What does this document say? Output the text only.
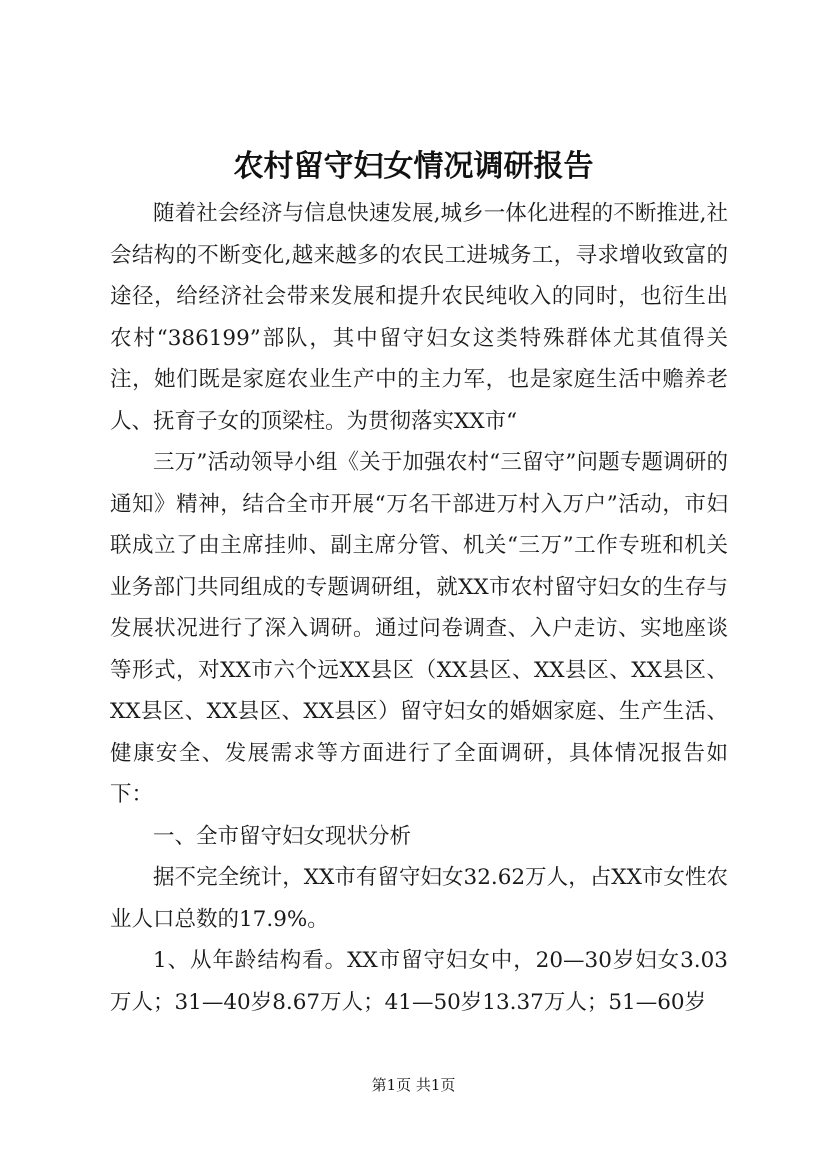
农村留守妇女情况调研报告

随着社会经济与信息快速发展,城乡一体化进程的不断推进,社会结构的不断变化,越来越多的农民工进城务工，寻求增收致富的途径，给经济社会带来发展和提升农民纯收入的同时，也衍生出农村“386199”部队，其中留守妇女这类特殊群体尤其值得关注，她们既是家庭农业生产中的主力军，也是家庭生活中赡养老人、抚育子女的顶梁柱。为贯彻落实XX市“

三万”活动领导小组《关于加强农村“三留守”问题专题调研的通知》精神，结合全市开展“万名干部进万村入万户”活动，市妇联成立了由主席挂帅、副主席分管、机关“三万”工作专班和机关业务部门共同组成的专题调研组，就XX市农村留守妇女的生存与发展状况进行了深入调研。通过问卷调查、入户走访、实地座谈等形式，对XX市六个远XX县区（XX县区、XX县区、XX县区、XX县区、XX县区、XX县区）留守妇女的婚姻家庭、生产生活、健康安全、发展需求等方面进行了全面调研，具体情况报告如下：

一、全市留守妇女现状分析

据不完全统计，XX市有留守妇女32.62万人，占XX市女性农业人口总数的17.9%。

1、从年龄结构看。XX市留守妇女中，20—30岁妇女3.03万人；31—40岁8.67万人；41—50岁13.37万人；51—60岁

第1页 共1页
